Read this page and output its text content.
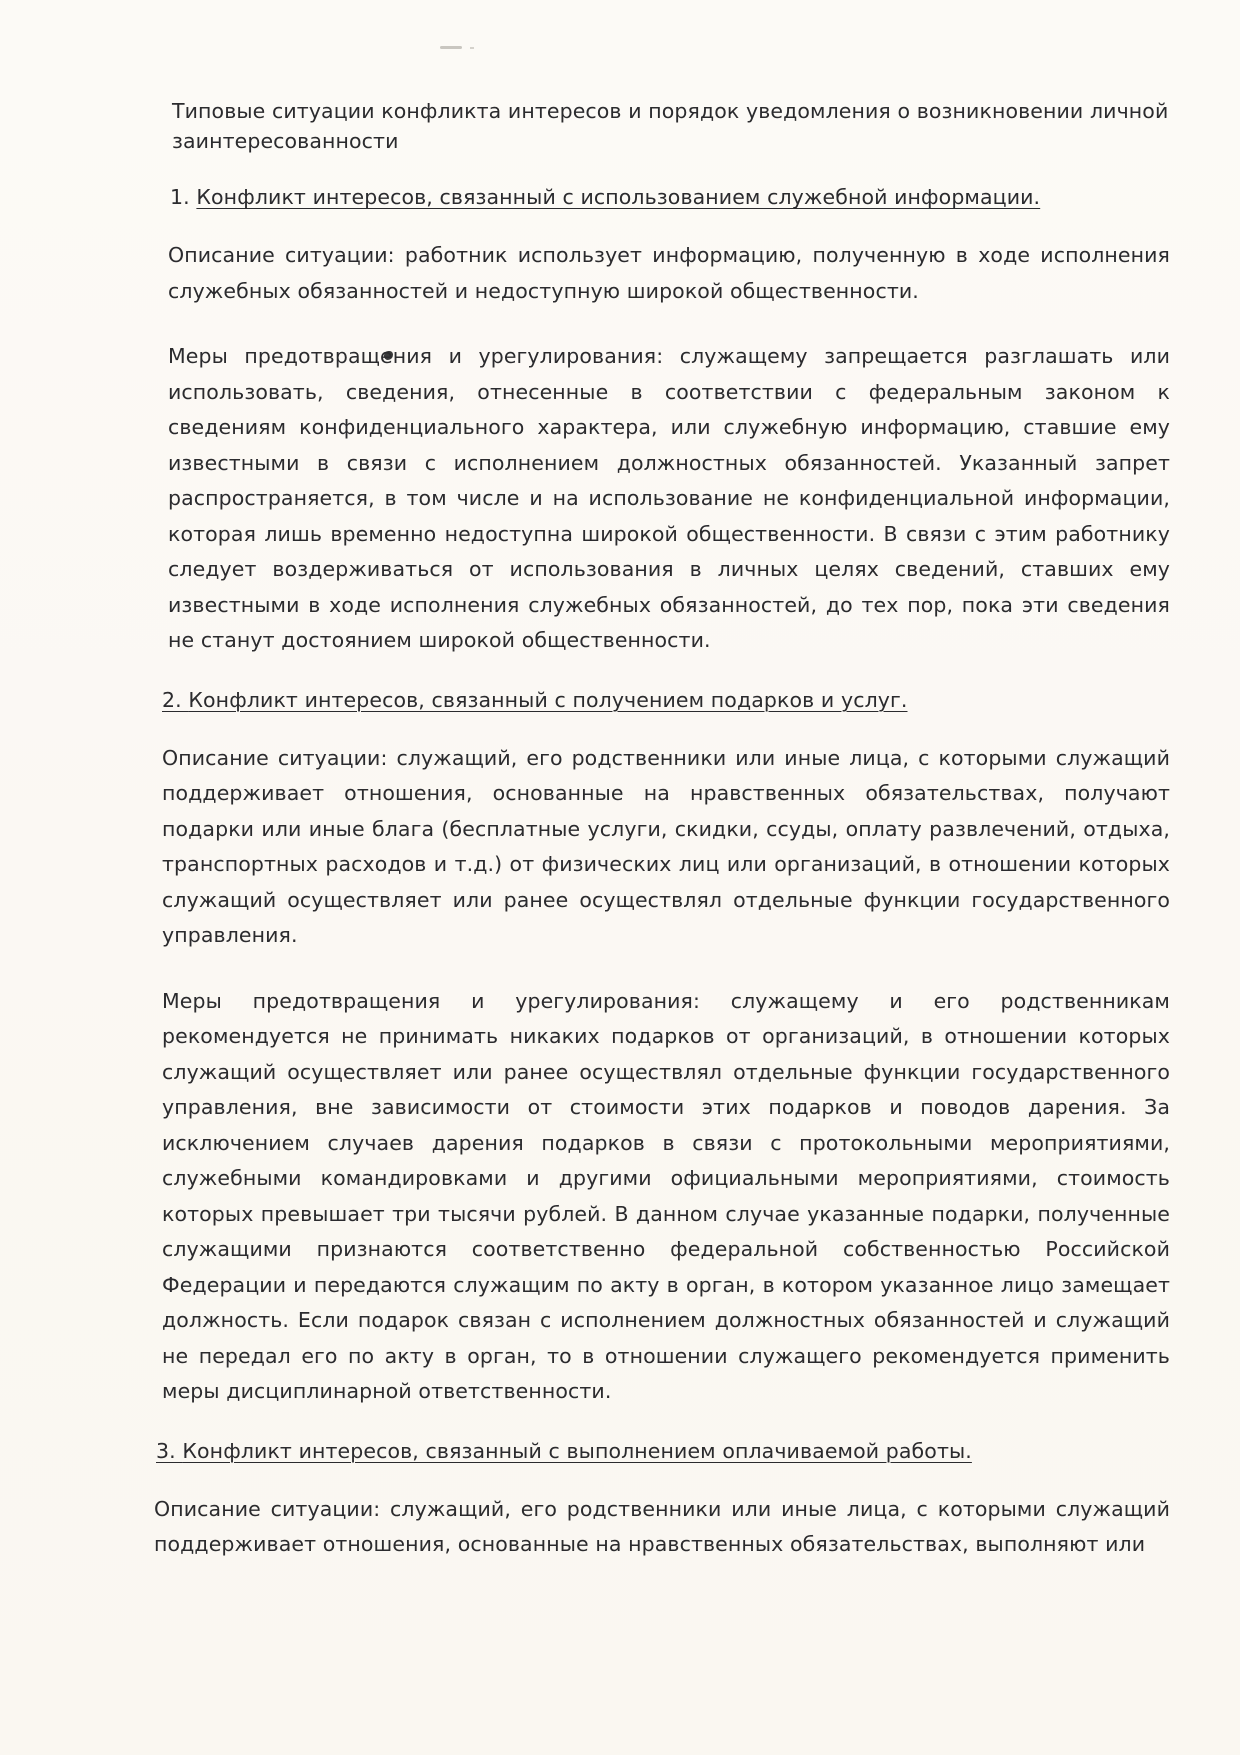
Типовые ситуации конфликта интересов и порядок уведомления о возникновении личной заинтересованности
1. Конфликт интересов, связанный с использованием служебной информации.

Описание ситуации: работник использует информацию, полученную в ходе исполнения служебных обязанностей и недоступную широкой общественности.

Меры предотвращения и урегулирования: служащему запрещается разглашать или использовать, сведения, отнесенные в соответствии с федеральным законом к сведениям конфиденциального характера, или служебную информацию, ставшие ему известными в связи с исполнением должностных обязанностей. Указанный запрет распространяется, в том числе и на использование не конфиденциальной информации, которая лишь временно недоступна широкой общественности. В связи с этим работнику следует воздерживаться от использования в личных целях сведений, ставших ему известными в ходе исполнения служебных обязанностей, до тех пор, пока эти сведения не станут достоянием широкой общественности.

2. Конфликт интересов, связанный с получением подарков и услуг.

Описание ситуации: служащий, его родственники или иные лица, с которыми служащий поддерживает отношения, основанные на нравственных обязательствах, получают подарки или иные блага (бесплатные услуги, скидки, ссуды, оплату развлечений, отдыха, транспортных расходов и т.д.) от физических лиц или организаций, в отношении которых служащий осуществляет или ранее осуществлял отдельные функции государственного управления.

Меры предотвращения и урегулирования: служащему и его родственникам рекомендуется не принимать никаких подарков от организаций, в отношении которых служащий осуществляет или ранее осуществлял отдельные функции государственного управления, вне зависимости от стоимости этих подарков и поводов дарения. За исключением случаев дарения подарков в связи с протокольными мероприятиями, служебными командировками и другими официальными мероприятиями, стоимость которых превышает три тысячи рублей. В данном случае указанные подарки, полученные служащими признаются соответственно федеральной собственностью Российской Федерации и передаются служащим по акту в орган, в котором указанное лицо замещает должность. Если подарок связан с исполнением должностных обязанностей и служащий не передал его по акту в орган, то в отношении служащего рекомендуется применить меры дисциплинарной ответственности.

3. Конфликт интересов, связанный с выполнением оплачиваемой работы.

Описание ситуации: служащий, его родственники или иные лица, с которыми служащий поддерживает отношения, основанные на нравственных обязательствах, выполняют или
